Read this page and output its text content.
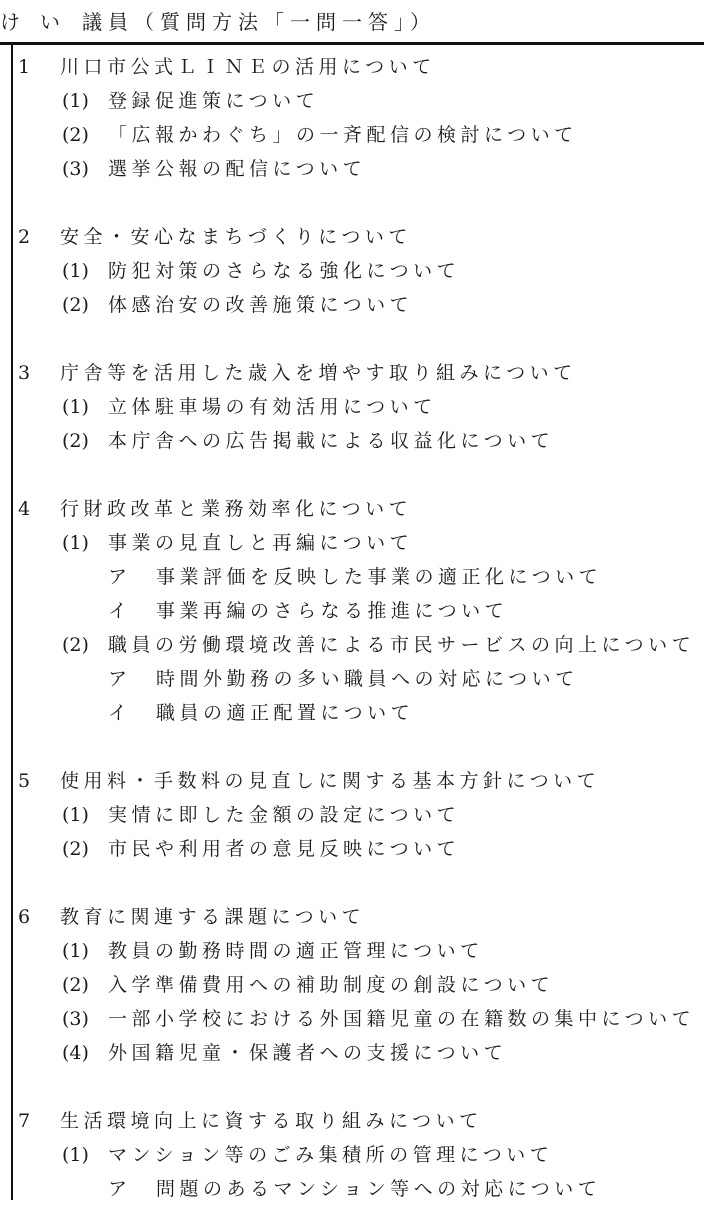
け い 議員（質問方法「一問一答」）
1 川口市公式ＬＩＮＥの活用について
(1) 登録促進策について
(2) 「広報かわぐち」の一斉配信の検討について
(3) 選挙公報の配信について
2 安全・安心なまちづくりについて
(1) 防犯対策のさらなる強化について
(2) 体感治安の改善施策について
3 庁舎等を活用した歳入を増やす取り組みについて
(1) 立体駐車場の有効活用について
(2) 本庁舎への広告掲載による収益化について
4 行財政改革と業務効率化について
(1) 事業の見直しと再編について
ア 事業評価を反映した事業の適正化について
イ 事業再編のさらなる推進について
(2) 職員の労働環境改善による市民サービスの向上について
ア 時間外勤務の多い職員への対応について
イ 職員の適正配置について
5 使用料・手数料の見直しに関する基本方針について
(1) 実情に即した金額の設定について
(2) 市民や利用者の意見反映について
6 教育に関連する課題について
(1) 教員の勤務時間の適正管理について
(2) 入学準備費用への補助制度の創設について
(3) 一部小学校における外国籍児童の在籍数の集中について
(4) 外国籍児童・保護者への支援について
7 生活環境向上に資する取り組みについて
(1) マンション等のごみ集積所の管理について
ア 問題のあるマンション等への対応について
